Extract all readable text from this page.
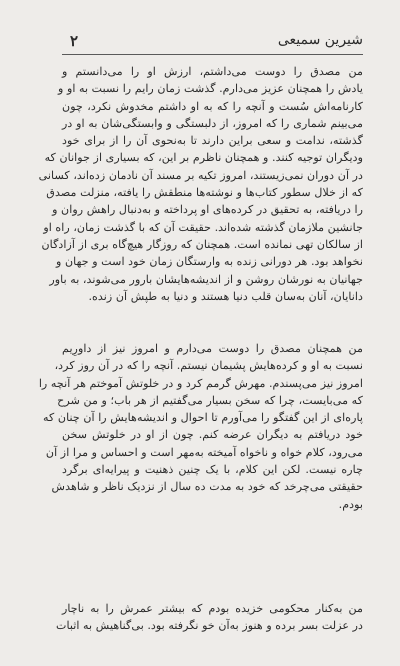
٢	شیرین سمیعی
من مصدق را دوست می‌داشتم، ارزش او را می‌دانستم و
یادش را همچنان عزیز می‌دارم. گذشت زمان رایم را نسبت به او و
کارنامه‌اش سُست و آنچه را که به او داشتم مخدوش نکرد، چون
می‌بینم شماری را که امروز، از دلبستگی و وابستگی‌شان به او در
گذشته، ندامت و سعی براین دارند تا به‌نحوی آن را از برای خود
ودیگران توجیه کنند. و همچنان ناظرم بر این، که بسیاری از جوانان که
در آن دوران نمی‌زیستند، امروز تکیه بر مسند آن نادمان زده‌اند، کسانی
که از خلال سطور کتاب‌ها و نوشته‌ها منطقش را یافته، منزلت مصدق
را دریافته، به تحقیق در کرده‌های او پرداخته و به‌دنبال راهش روان و
جانشین ملازمان گذشته شده‌اند. حقیقت آن که با گذشت زمان، راه او
از سالکان تهی نمانده است. همچنان که روزگار هیچ‌گاه بری از آزادگان
نخواهد بود. هر دورانی زنده به وارستگان زمان خود است و جهان و
جهانیان به نورشان روشن و از اندیشه‌هایشان بارور می‌شوند، به باور
دانایان، آنان به‌سان قلب دنیا هستند و دنیا به طپش آن زنده.
من همچنان مصدق را دوست می‌دارم و امروز نیز از داورِیم
نسبت به او و کرده‌هایش پشیمان نیستم. آنچه را که در آن روز کرد،
امروز نیز می‌پسندم. مهرش گرمم کرد و در خلوتش آموختم هر آنچه را
که می‌بایست، چرا که سخن بسیار می‌گفتیم از هر باب؛ و من شرح
پاره‌ای از این گفتگو را می‌آورم تا احوال و اندیشه‌هایش را آن چنان که
خود دریافتم به دیگران عرضه کنم. چون از او در خلوتش سخن
می‌رود، کلام خواه و ناخواه آمیخته به‌مهر است و احساس و مرا از آن
چاره نیست. لکن این کلام، با یک چنین ذهنیت و پیرایه‌ای برگرد
حقیقتی می‌چرخد که خود به مدت ده سال از نزدیک ناظر و شاهدش
بودم.
من به‌کنار محکومی خزیده بودم که بیشتر عمرش را به ناچار
در عزلت بسر برده و هنوز به‌آن خو نگرفته بود. بی‌گناهیش به اثبات
